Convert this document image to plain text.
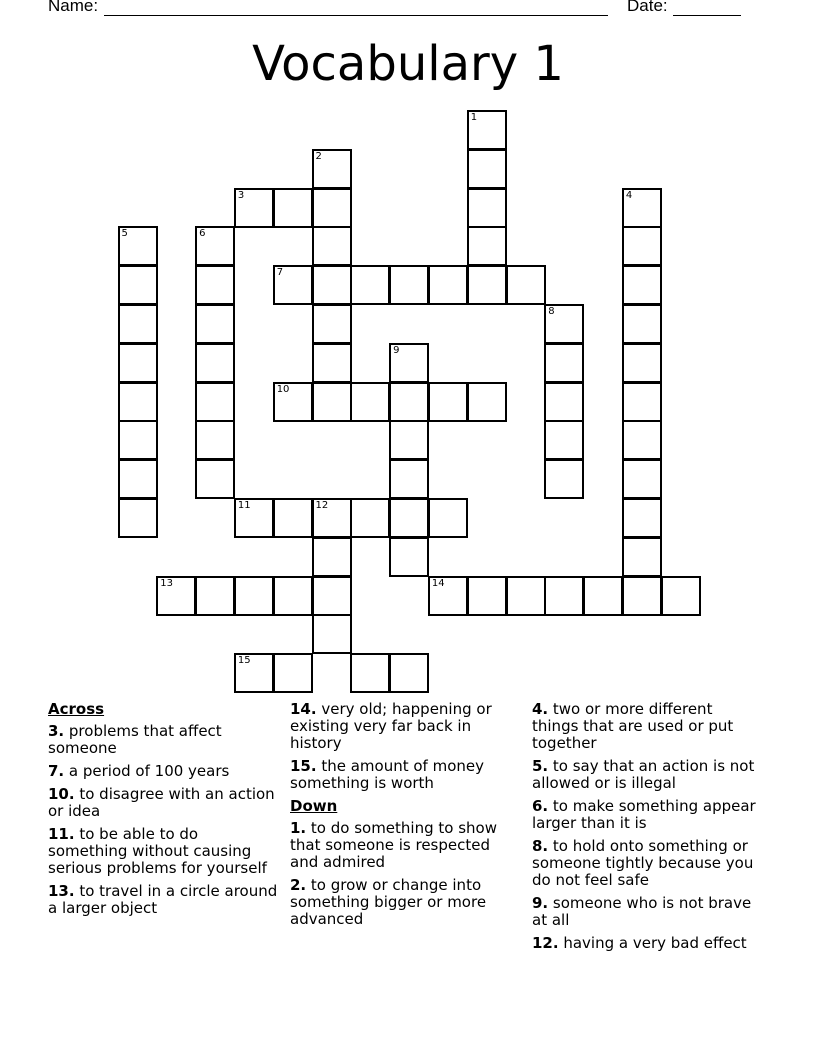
Name:	Date:
Vocabulary 1
1
2
3	4
5	6
7
8
9
10
11	12
13	14
15
Across
3. problems that affect someone
7. a period of 100 years
10. to disagree with an action or idea
11. to be able to do something without causing serious problems for yourself
13. to travel in a circle around a larger object
14. very old; happening or existing very far back in history
15. the amount of money something is worth
Down
1. to do something to show that someone is respected and admired
2. to grow or change into something bigger or more advanced
4. two or more different things that are used or put together
5. to say that an action is not allowed or is illegal
6. to make something appear larger than it is
8. to hold onto something or someone tightly because you do not feel safe
9. someone who is not brave at all
12. having a very bad effect
